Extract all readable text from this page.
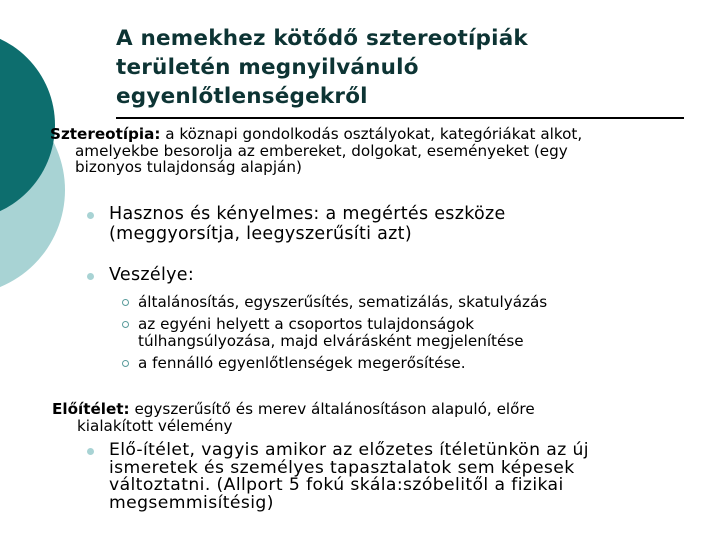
A nemekhez kötődő sztereotípiák
területén megnyilvánuló
egyenlőtlenségekről

Sztereotípia: a köznapi gondolkodás osztályokat, kategóriákat alkot,
amelyekbe besorolja az embereket, dolgokat, eseményeket (egy
bizonyos tulajdonság alapján)

Hasznos és kényelmes: a megértés eszköze
(meggyorsítja, leegyszerűsíti azt)
Veszélye:
általánosítás, egyszerűsítés, sematizálás, skatulyázás
az egyéni helyett a csoportos tulajdonságok
túlhangsúlyozása, majd elvárásként megjelenítése
a fennálló egyenlőtlenségek megerősítése.

Előítélet: egyszerűsítő és merev általánosításon alapuló, előre
kialakított vélemény

Elő-ítélet, vagyis amikor az előzetes ítéletünkön az új
ismeretek és személyes tapasztalatok sem képesek
változtatni. (Allport 5 fokú skála:szóbelitől a fizikai
megsemmisítésig)
